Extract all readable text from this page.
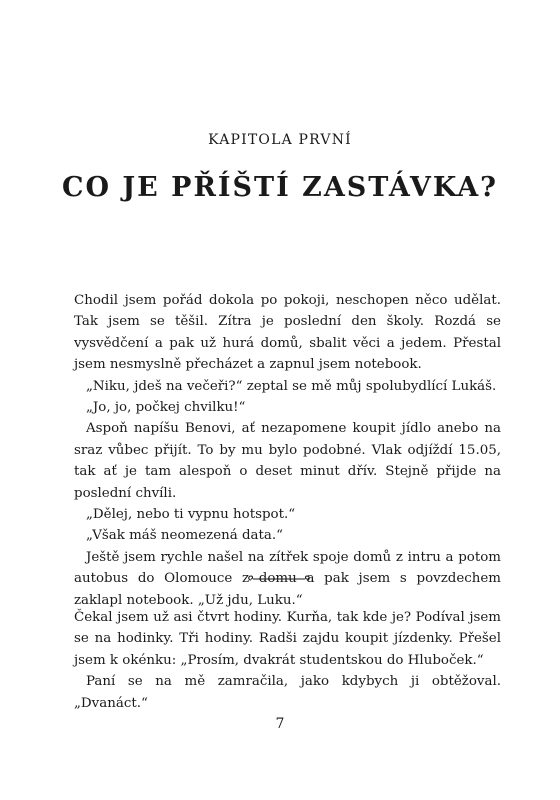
KAPITOLA PRVNÍ
CO JE PŘÍŠTÍ ZASTÁVKA?

Chodil jsem pořád dokola po pokoji, neschopen něco udělat. Tak jsem se těšil. Zítra je poslední den školy. Rozdá se vysvědčení a pak už hurá domů, sbalit věci a jedem. Přestal jsem nesmyslně přecházet a zapnul jsem notebook.

„Niku, jdeš na večeři?“ zeptal se mě můj spolubydlící Lukáš.

„Jo, jo, počkej chvilku!“

Aspoň napíšu Benovi, ať nezapomene koupit jídlo anebo na sraz vůbec přijít. To by mu bylo podobné. Vlak odjíždí 15.05, tak ať je tam alespoň o deset minut dřív. Stejně přijde na poslední chvíli.

„Dělej, nebo ti vypnu hotspot.“

„Však máš neomezená data.“

Ještě jsem rychle našel na zítřek spoje domů z intru a potom autobus do Olomouce z domu a pak jsem s povzdechem zaklapl notebook. „Už jdu, Luku.“

Čekal jsem už asi čtvrt hodiny. Kurňa, tak kde je? Podíval jsem se na hodinky. Tři hodiny. Radši zajdu koupit jízdenky. Přešel jsem k okénku: „Prosím, dvakrát studentskou do Hluboček.“

Paní se na mě zamračila, jako kdybych ji obtěžoval. „Dvanáct.“

7
